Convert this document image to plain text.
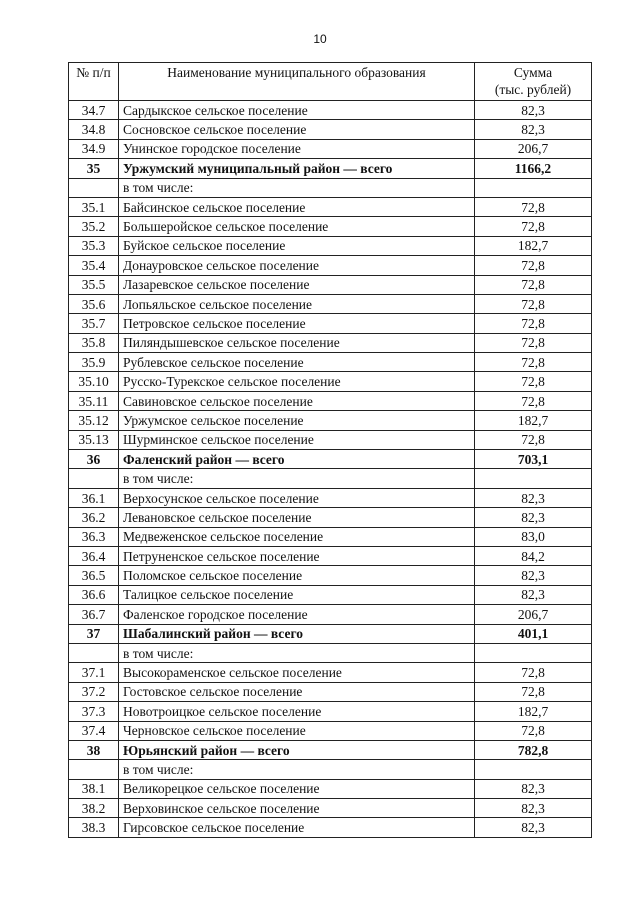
10
№ п/п	Наименование муниципального образования	Сумма
(тыс. рублей)

34.7	Сардыкское сельское поселение	82,3
34.8	Сосновское сельское поселение	82,3
34.9	Унинское городское поселение	206,7
35	Уржумский муниципальный район — всего	1166,2
	в том числе:	
35.1	Байсинское сельское поселение	72,8
35.2	Большеройское сельское поселение	72,8
35.3	Буйское сельское поселение	182,7
35.4	Донауровское сельское поселение	72,8
35.5	Лазаревское сельское поселение	72,8
35.6	Лопьяльское сельское поселение	72,8
35.7	Петровское сельское поселение	72,8
35.8	Пиляндышевское сельское поселение	72,8
35.9	Рублевское сельское поселение	72,8
35.10	Русско-Турекское сельское поселение	72,8
35.11	Савиновское сельское поселение	72,8
35.12	Уржумское сельское поселение	182,7
35.13	Шурминское сельское поселение	72,8
36	Фаленский район — всего	703,1
	в том числе:	
36.1	Верхосунское сельское поселение	82,3
36.2	Левановское сельское поселение	82,3
36.3	Медвеженское сельское поселение	83,0
36.4	Петруненское сельское поселение	84,2
36.5	Поломское сельское поселение	82,3
36.6	Талицкое сельское поселение	82,3
36.7	Фаленское городское поселение	206,7
37	Шабалинский район — всего	401,1
	в том числе:	
37.1	Высокораменское сельское поселение	72,8
37.2	Гостовское сельское поселение	72,8
37.3	Новотроицкое сельское поселение	182,7
37.4	Черновское сельское поселение	72,8
38	Юрьянский район — всего	782,8
	в том числе:	
38.1	Великорецкое сельское поселение	82,3
38.2	Верховинское сельское поселение	82,3
38.3	Гирсовское сельское поселение	82,3
